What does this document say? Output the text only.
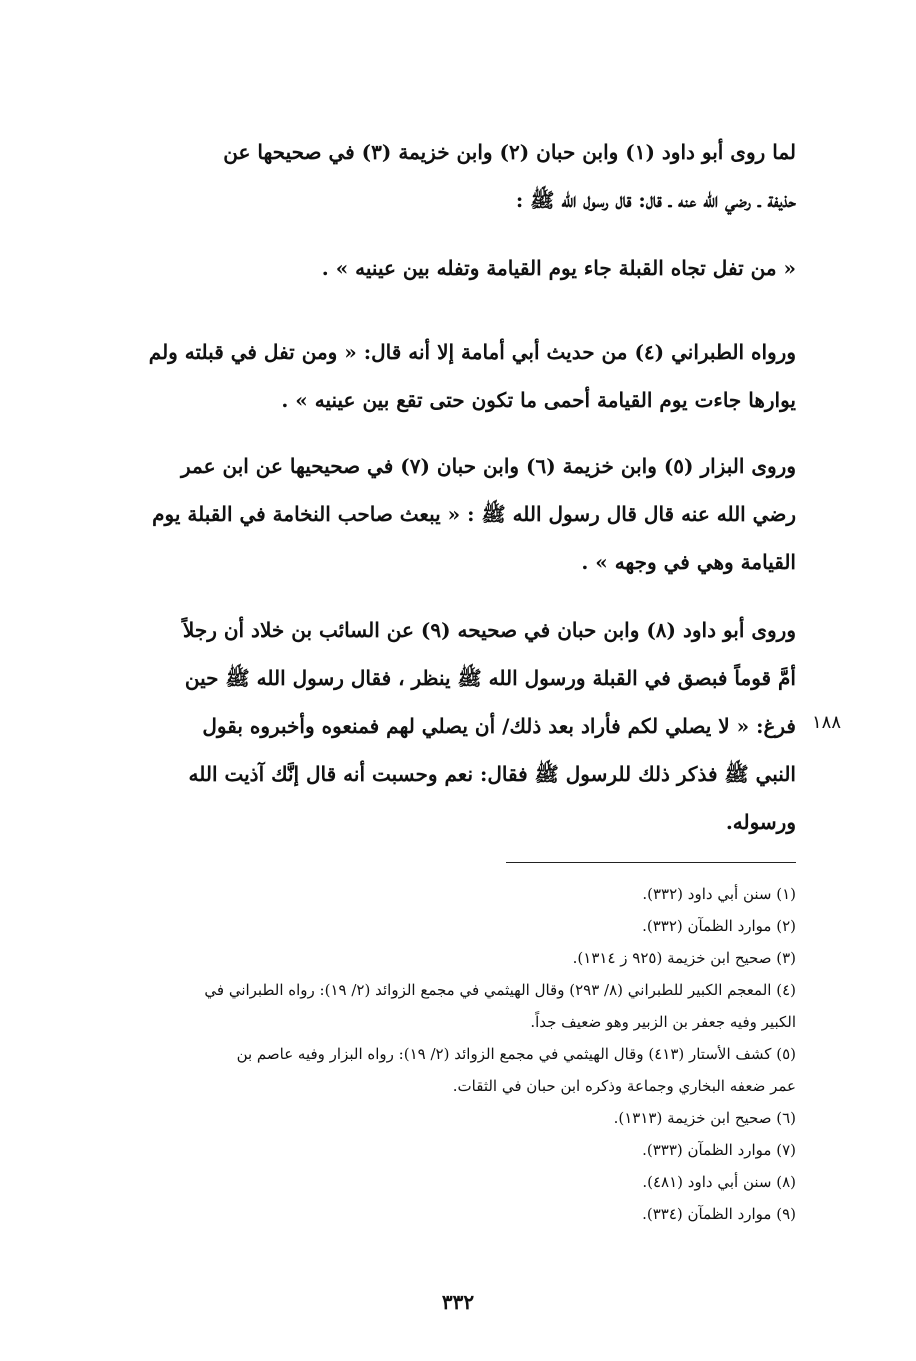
لما روى أبو داود (١) وابن حبان (٢) وابن خزيمة (٣) في صحيحها عن
حذيفة ـ رضي الله عنه ـ قال: قال رسول الله ﷺ :
« من تفل تجاه القبلة جاء يوم القيامة وتفله بين عينيه » .
ورواه الطبراني (٤) من حديث أبي أمامة إلا أنه قال: « ومن تفل في قبلته ولم
يوارها جاءت يوم القيامة أحمى ما تكون حتى تقع بين عينيه » .
وروى البزار (٥) وابن خزيمة (٦) وابن حبان (٧) في صحيحيها عن ابن عمر
رضي الله عنه قال قال رسول الله ﷺ : « يبعث صاحب النخامة في القبلة يوم
القيامة وهي في وجهه » .
وروى أبو داود (٨) وابن حبان في صحيحه (٩) عن السائب بن خلاد أن رجلاً
أمَّ قوماً فبصق في القبلة ورسول الله ﷺ ينظر ، فقال رسول الله ﷺ حين
فرغ: « لا يصلي لكم فأراد بعد ذلك/ أن يصلي لهم فمنعوه وأخبروه بقول
النبي ﷺ فذكر ذلك للرسول ﷺ فقال: نعم وحسبت أنه قال إنَّك آذيت الله
ورسوله.
١٨٨
(١) سنن أبي داود (٣٣٢).
(٢) موارد الظمآن (٣٣٢).
(٣) صحيح ابن خزيمة (٩٢٥ ز ١٣١٤).
(٤) المعجم الكبير للطبراني (٨/ ٢٩٣) وقال الهيثمي في مجمع الزوائد (٢/ ١٩): رواه الطبراني في
الكبير وفيه جعفر بن الزبير وهو ضعيف جداً.
(٥) كشف الأستار (٤١٣) وقال الهيثمي في مجمع الزوائد (٢/ ١٩): رواه البزار وفيه عاصم بن
عمر ضعفه البخاري وجماعة وذكره ابن حبان في الثقات.
(٦) صحيح ابن خزيمة (١٣١٣).
(٧) موارد الظمآن (٣٣٣).
(٨) سنن أبي داود (٤٨١).
(٩) موارد الظمآن (٣٣٤).
٣٣٢
